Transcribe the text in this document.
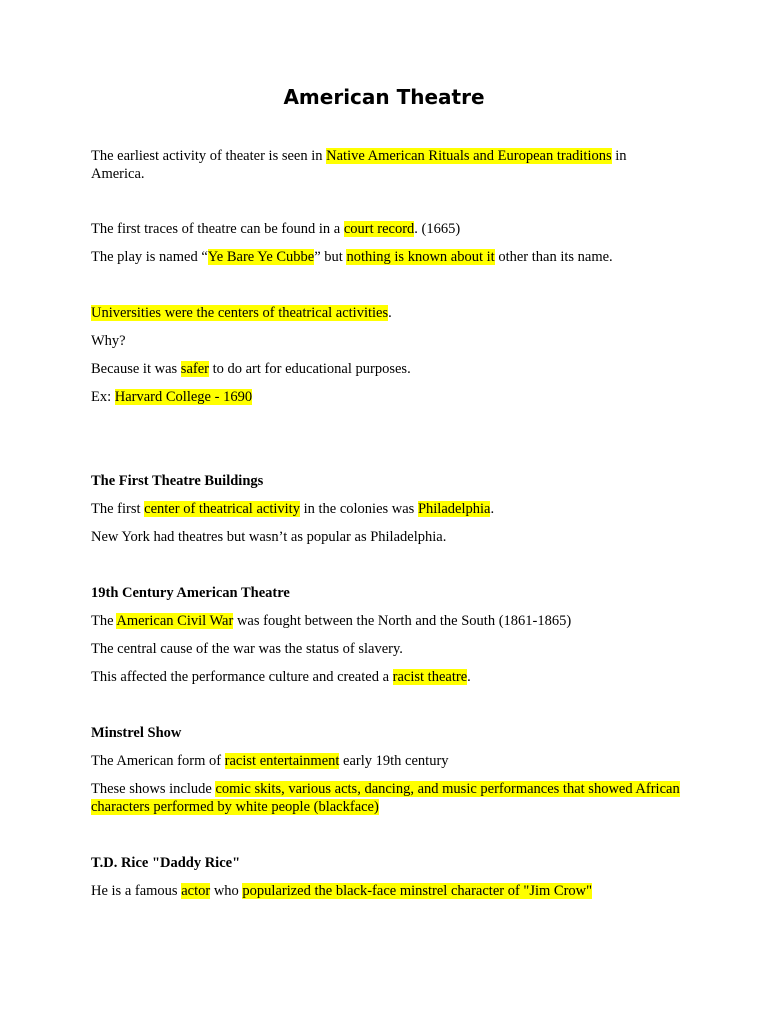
American Theatre

The earliest activity of theater is seen in Native American Rituals and European traditions in America.

The first traces of theatre can be found in a court record. (1665)

The play is named “Ye Bare Ye Cubbe” but nothing is known about it other than its name.

Universities were the centers of theatrical activities.

Why?

Because it was safer to do art for educational purposes.

Ex: Harvard College - 1690

The First Theatre Buildings

The first center of theatrical activity in the colonies was Philadelphia.

New York had theatres but wasn’t as popular as Philadelphia.

19th Century American Theatre

The American Civil War was fought between the North and the South (1861-1865)

The central cause of the war was the status of slavery.

This affected the performance culture and created a racist theatre.

Minstrel Show

The American form of racist entertainment early 19th century

These shows include comic skits, various acts, dancing, and music performances that showed African characters performed by white people (blackface)

T.D. Rice "Daddy Rice"

He is a famous actor who popularized the black-face minstrel character of "Jim Crow"
